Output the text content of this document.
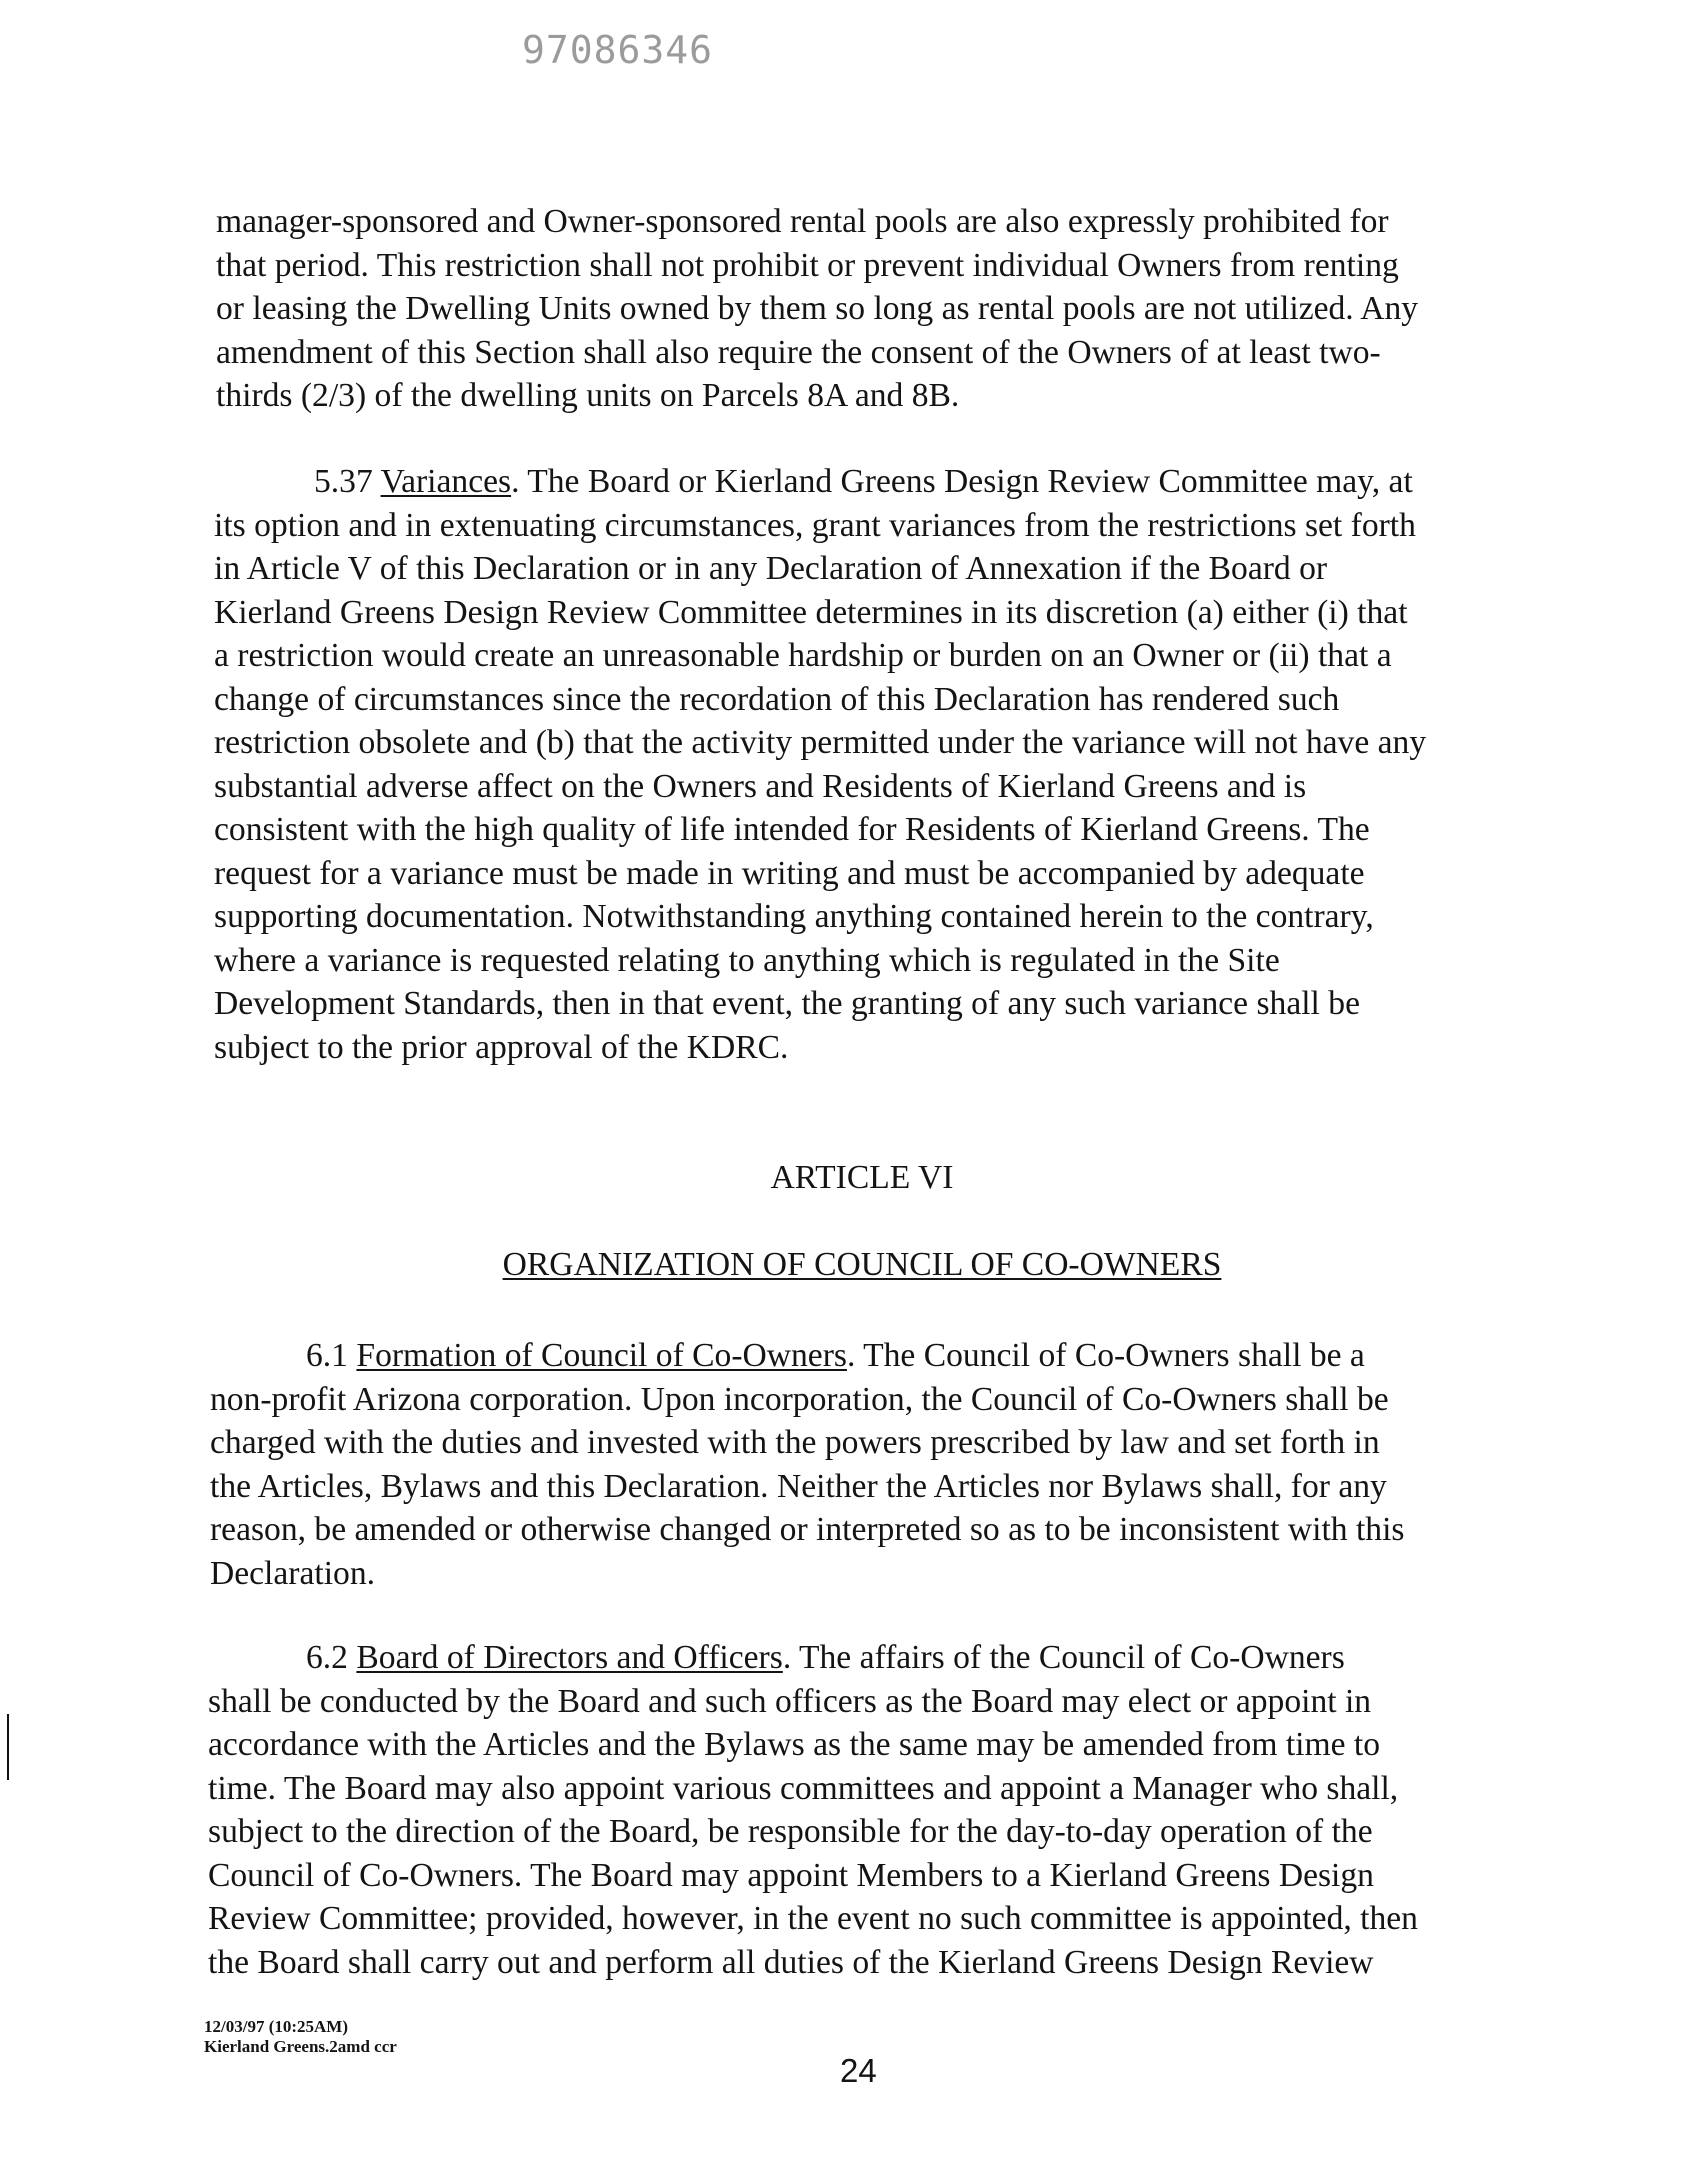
97086346
manager-sponsored and Owner-sponsored rental pools are also expressly prohibited for
that period. This restriction shall not prohibit or prevent individual Owners from renting
or leasing the Dwelling Units owned by them so long as rental pools are not utilized. Any
amendment of this Section shall also require the consent of the Owners of at least two-
thirds (2/3) of the dwelling units on Parcels 8A and 8B.
5.37 Variances. The Board or Kierland Greens Design Review Committee may, at
its option and in extenuating circumstances, grant variances from the restrictions set forth
in Article V of this Declaration or in any Declaration of Annexation if the Board or
Kierland Greens Design Review Committee determines in its discretion (a) either (i) that
a restriction would create an unreasonable hardship or burden on an Owner or (ii) that a
change of circumstances since the recordation of this Declaration has rendered such
restriction obsolete and (b) that the activity permitted under the variance will not have any
substantial adverse affect on the Owners and Residents of Kierland Greens and is
consistent with the high quality of life intended for Residents of Kierland Greens. The
request for a variance must be made in writing and must be accompanied by adequate
supporting documentation. Notwithstanding anything contained herein to the contrary,
where a variance is requested relating to anything which is regulated in the Site
Development Standards, then in that event, the granting of any such variance shall be
subject to the prior approval of the KDRC.
ARTICLE VI
ORGANIZATION OF COUNCIL OF CO-OWNERS
6.1 Formation of Council of Co-Owners. The Council of Co-Owners shall be a
non-profit Arizona corporation. Upon incorporation, the Council of Co-Owners shall be
charged with the duties and invested with the powers prescribed by law and set forth in
the Articles, Bylaws and this Declaration. Neither the Articles nor Bylaws shall, for any
reason, be amended or otherwise changed or interpreted so as to be inconsistent with this
Declaration.
6.2 Board of Directors and Officers. The affairs of the Council of Co-Owners
shall be conducted by the Board and such officers as the Board may elect or appoint in
accordance with the Articles and the Bylaws as the same may be amended from time to
time. The Board may also appoint various committees and appoint a Manager who shall,
subject to the direction of the Board, be responsible for the day-to-day operation of the
Council of Co-Owners. The Board may appoint Members to a Kierland Greens Design
Review Committee; provided, however, in the event no such committee is appointed, then
the Board shall carry out and perform all duties of the Kierland Greens Design Review
12/03/97 (10:25AM)
Kierland Greens.2amd ccr
24
